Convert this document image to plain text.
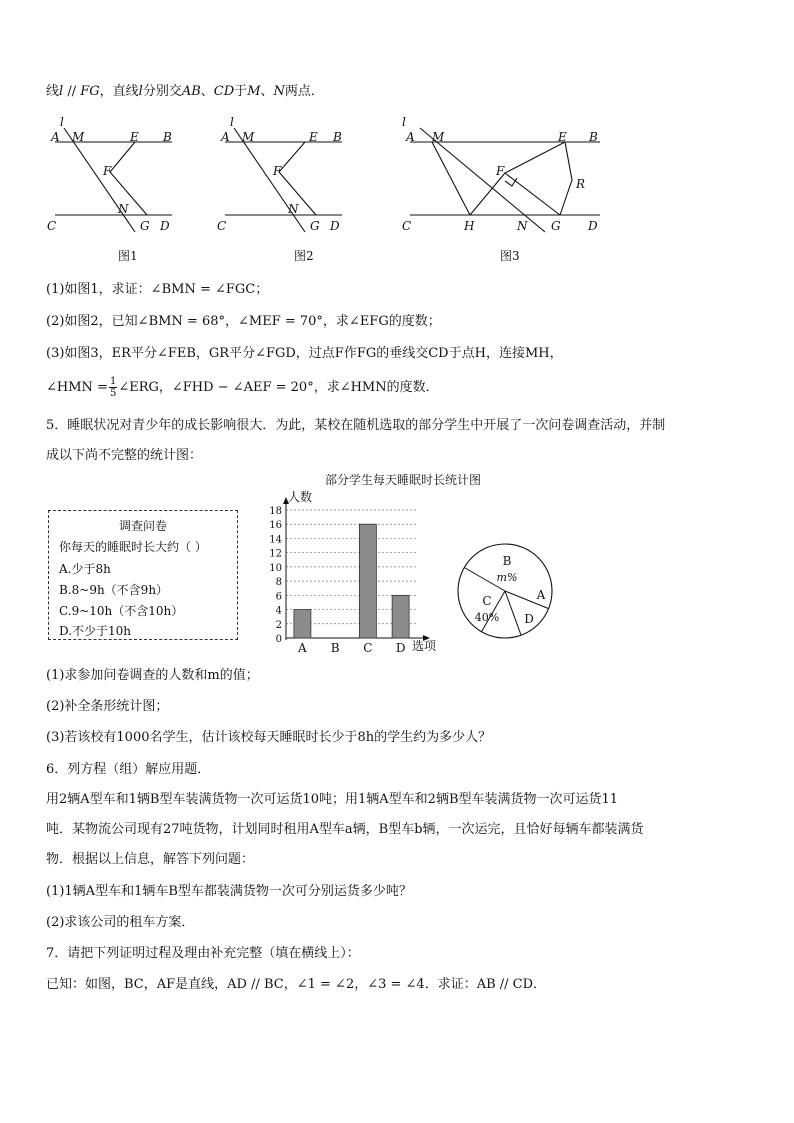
线l // FG，直线l分别交AB、CD于M、N两点．
l
A M	E B
F
N
C	G D
l
A M	E B
F
N
C	G D
l
A M	E B
F
N
C	G D
H
R
图1	图2	图3
(1)如图1，求证：∠BMN = ∠FGC；
(2)如图2，已知∠BMN = 68°，∠MEF = 70°，求∠EFG的度数；
(3)如图3，ER平分∠FEB，GR平分∠FGD，过点F作FG的垂线交CD于点H，连接MH，
∠HMN = $\frac{1}{5}$ ∠ERG，∠FHD − ∠AEF = 20°，求∠HMN的度数．
5．睡眠状况对青少年的成长影响很大．为此，某校在随机选取的部分学生中开展了一次问卷调查活动，并制
成以下尚不完整的统计图：
调查问卷
你每天的睡眠时长大约（ ）
A.少于8h
B.8~9h（不含9h）
C.9~10h（不含10h）
D.不少于10h
部分学生每天睡眠时长统计图
人数
选项
0
2
4
6
8
10
12
14
16
18
A B C D
B
m%
A
D
C
40%
(1)求参加问卷调查的人数和m的值；
(2)补全条形统计图；
(3)若该校有1000名学生，估计该校每天睡眠时长少于8h的学生约为多少人？
6．列方程（组）解应用题．
用2辆A型车和1辆B型车装满货物一次可运货10吨；用1辆A型车和2辆B型车装满货物一次可运货11
吨．某物流公司现有27吨货物，计划同时租用A型车a辆，B型车b辆，一次运完，且恰好每辆车都装满货
物．根据以上信息，解答下列问题：
(1)1辆A型车和1辆车B型车都装满货物一次可分别运货多少吨？
(2)求该公司的租车方案．
7．请把下列证明过程及理由补充完整（填在横线上）：
已知：如图，BC，AF是直线，AD // BC，∠1 = ∠2，∠3 = ∠4．求证：AB // CD．
